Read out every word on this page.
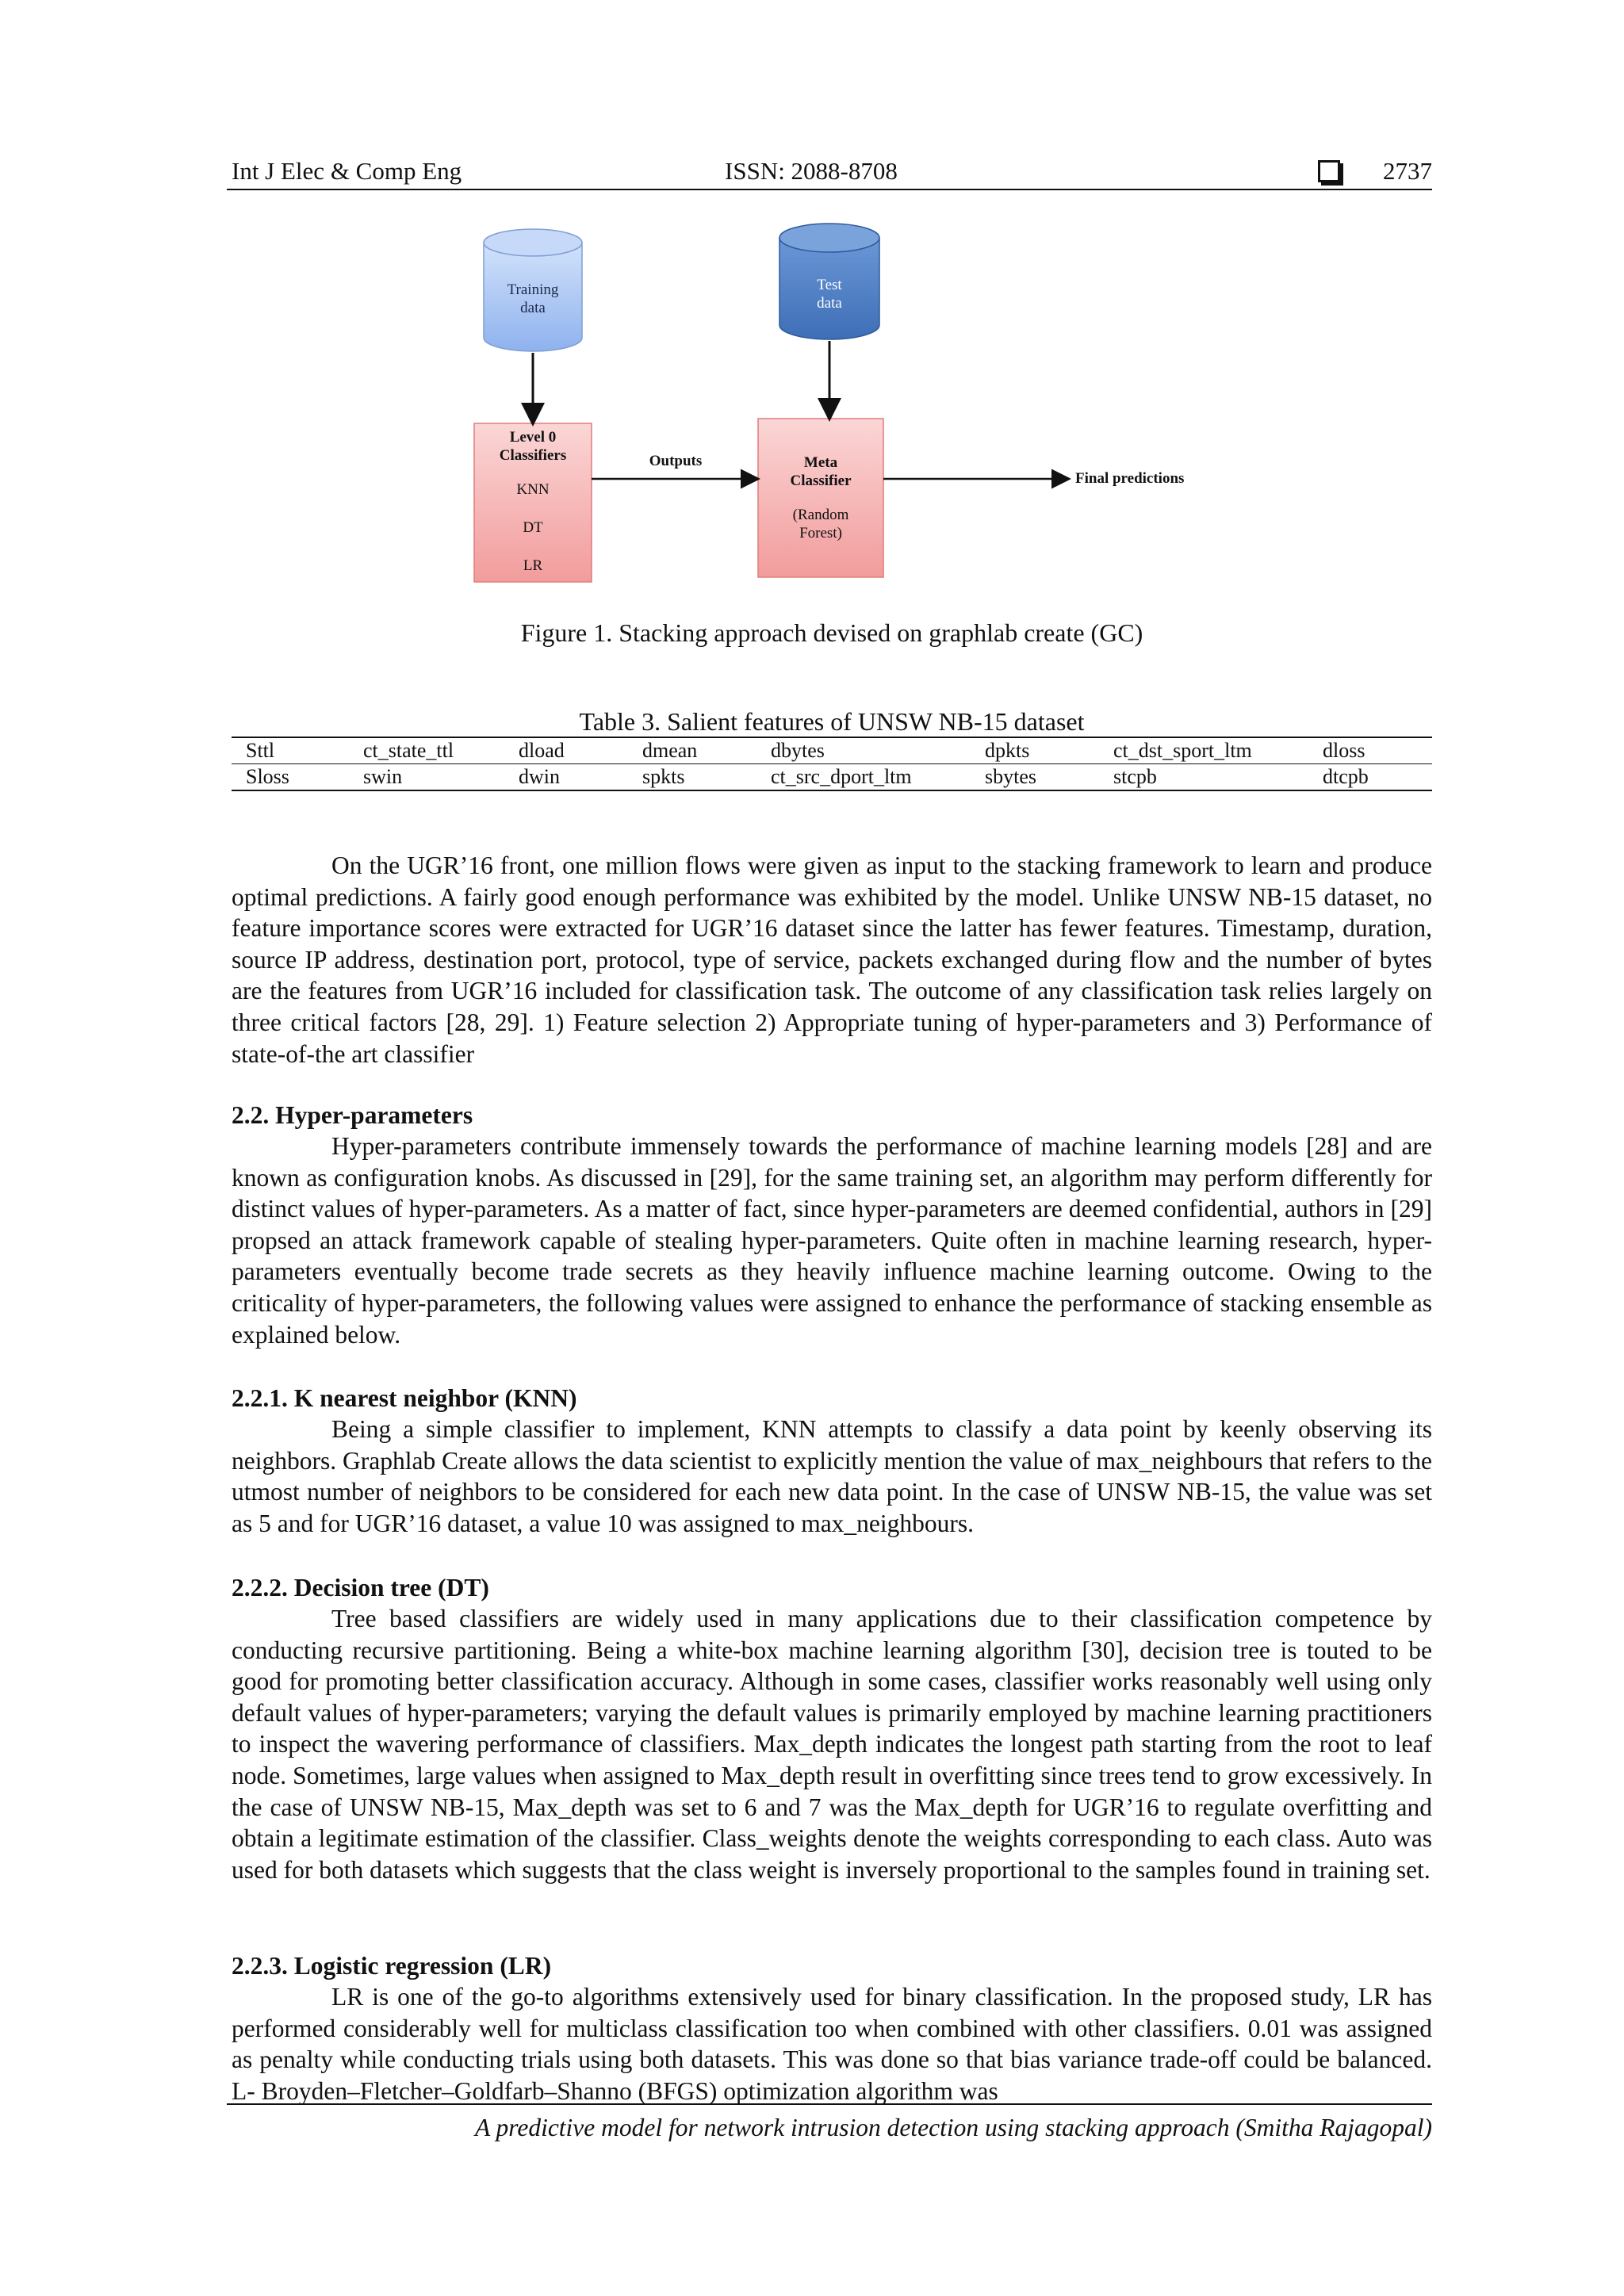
Int J Elec & Comp Eng	ISSN: 2088-8708	2737
Training
data
Test
data
Level 0
Classifiers
KNN
DT
LR
Outputs	Meta
Classifier
(Random
Forest)
Final predictions
Figure 1. Stacking approach devised on graphlab create (GC)
Table 3. Salient features of UNSW NB-15 dataset
Sttl	ct_state_ttl	dload	dmean	dbytes	dpkts	ct_dst_sport_ltm	dloss
Sloss	swin	dwin	spkts	ct_src_dport_ltm	sbytes	stcpb	dtcpb

On the UGR’16 front, one million flows were given as input to the stacking framework to learn and produce optimal predictions. A fairly good enough performance was exhibited by the model. Unlike UNSW NB-15 dataset, no feature importance scores were extracted for UGR’16 dataset since the latter has fewer features. Timestamp, duration, source IP address, destination port, protocol, type of service, packets exchanged during flow and the number of bytes are the features from UGR’16 included for classification task. The outcome of any classification task relies largely on three critical factors [28, 29]. 1) Feature selection 2) Appropriate tuning of hyper-parameters and 3) Performance of state-of-the art classifier

2.2. Hyper-parameters

Hyper-parameters contribute immensely towards the performance of machine learning models [28] and are known as configuration knobs. As discussed in [29], for the same training set, an algorithm may perform differently for distinct values of hyper-parameters. As a matter of fact, since hyper-parameters are deemed confidential, authors in [29] propsed an attack framework capable of stealing hyper-parameters. Quite often in machine learning research, hyper-parameters eventually become trade secrets as they heavily influence machine learning outcome. Owing to the criticality of hyper-parameters, the following values were assigned to enhance the performance of stacking ensemble as explained below.

2.2.1. K nearest neighbor (KNN)

Being a simple classifier to implement, KNN attempts to classify a data point by keenly observing its neighbors. Graphlab Create allows the data scientist to explicitly mention the value of max_neighbours that refers to the utmost number of neighbors to be considered for each new data point. In the case of UNSW NB-15, the value was set as 5 and for UGR’16 dataset, a value 10 was assigned to max_neighbours.

2.2.2. Decision tree (DT)

Tree based classifiers are widely used in many applications due to their classification competence by conducting recursive partitioning. Being a white-box machine learning algorithm [30], decision tree is touted to be good for promoting better classification accuracy. Although in some cases, classifier works reasonably well using only default values of hyper-parameters; varying the default values is primarily employed by machine learning practitioners to inspect the wavering performance of classifiers. Max_depth indicates the longest path starting from the root to leaf node. Sometimes, large values when assigned to Max_depth result in overfitting since trees tend to grow excessively. In the case of UNSW NB-15, Max_depth was set to 6 and 7 was the Max_depth for UGR’16 to regulate overfitting and obtain a legitimate estimation of the classifier. Class_weights denote the weights corresponding to each class. Auto was used for both datasets which suggests that the class weight is inversely proportional to the samples found in training set.

2.2.3. Logistic regression (LR)

LR is one of the go-to algorithms extensively used for binary classification. In the proposed study, LR has performed considerably well for multiclass classification too when combined with other classifiers. 0.01 was assigned as penalty while conducting trials using both datasets. This was done so that bias variance trade-off could be balanced. L- Broyden–Fletcher–Goldfarb–Shanno (BFGS) optimization algorithm was

A predictive model for network intrusion detection using stacking approach (Smitha Rajagopal)
